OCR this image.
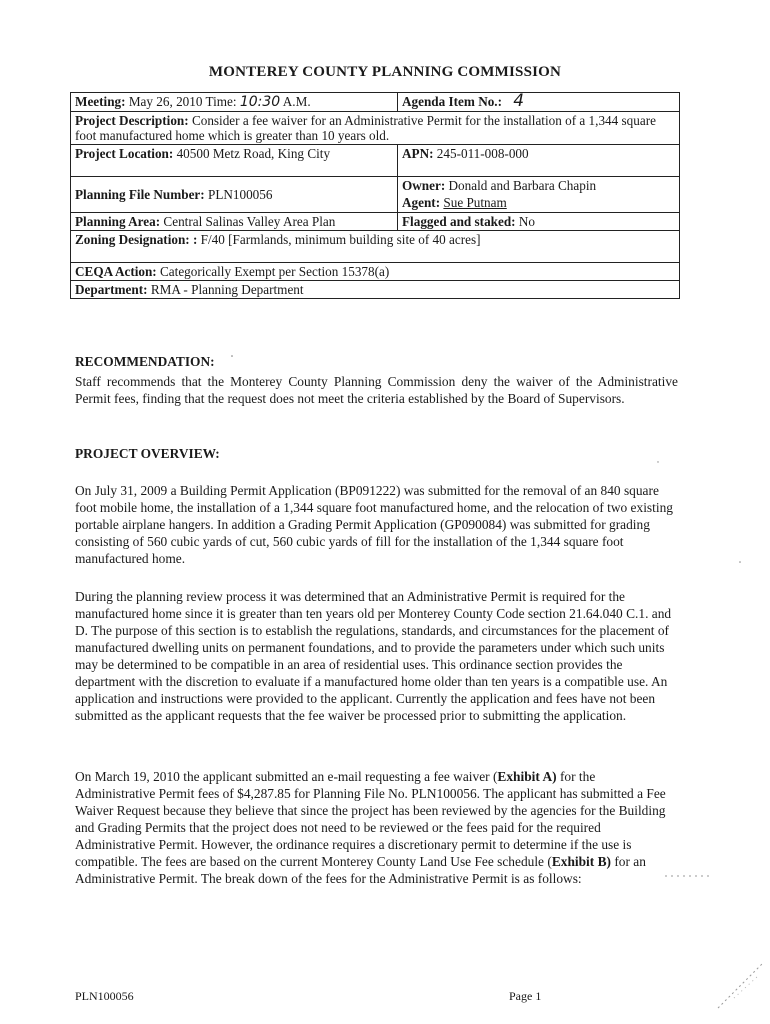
MONTEREY COUNTY PLANNING COMMISSION
Meeting: May 26, 2010 Time: 10:30 A.M.	Agenda Item No.: 4
Project Description: Consider a fee waiver for an Administrative Permit for the installation of a 1,344 square foot manufactured home which is greater than 10 years old.	
Project Location: 40500 Metz Road, King City	APN: 245-011-008-000
Planning File Number: PLN100056	Owner: Donald and Barbara Chapin
Agent: Sue Putnam

Planning Area: Central Salinas Valley Area Plan	Flagged and staked: No
Zoning Designation: : F/40 [Farmlands, minimum building site of 40 acres]	
CEQA Action: Categorically Exempt per Section 15378(a)	
Department: RMA - Planning Department	
RECOMMENDATION:
Staff recommends that the Monterey County Planning Commission deny the waiver of the Administrative Permit fees, finding that the request does not meet the criteria established by the Board of Supervisors.
PROJECT OVERVIEW:
On July 31, 2009 a Building Permit Application (BP091222) was submitted for the removal of an 840 square foot mobile home, the installation of a 1,344 square foot manufactured home, and the relocation of two existing portable airplane hangers. In addition a Grading Permit Application (GP090084) was submitted for grading consisting of 560 cubic yards of cut, 560 cubic yards of fill for the installation of the 1,344 square foot manufactured home.
During the planning review process it was determined that an Administrative Permit is required for the manufactured home since it is greater than ten years old per Monterey County Code section 21.64.040 C.1. and D. The purpose of this section is to establish the regulations, standards, and circumstances for the placement of manufactured dwelling units on permanent foundations, and to provide the parameters under which such units may be determined to be compatible in an area of residential uses. This ordinance section provides the department with the discretion to evaluate if a manufactured home older than ten years is a compatible use. An application and instructions were provided to the applicant. Currently the application and fees have not been submitted as the applicant requests that the fee waiver be processed prior to submitting the application.
On March 19, 2010 the applicant submitted an e-mail requesting a fee waiver (Exhibit A) for the Administrative Permit fees of $4,287.85 for Planning File No. PLN100056. The applicant has submitted a Fee Waiver Request because they believe that since the project has been reviewed by the agencies for the Building and Grading Permits that the project does not need to be reviewed or the fees paid for the required Administrative Permit. However, the ordinance requires a discretionary permit to determine if the use is compatible. The fees are based on the current Monterey County Land Use Fee schedule (Exhibit B) for an Administrative Permit. The break down of the fees for the Administrative Permit is as follows:
PLN100056	Page 1
